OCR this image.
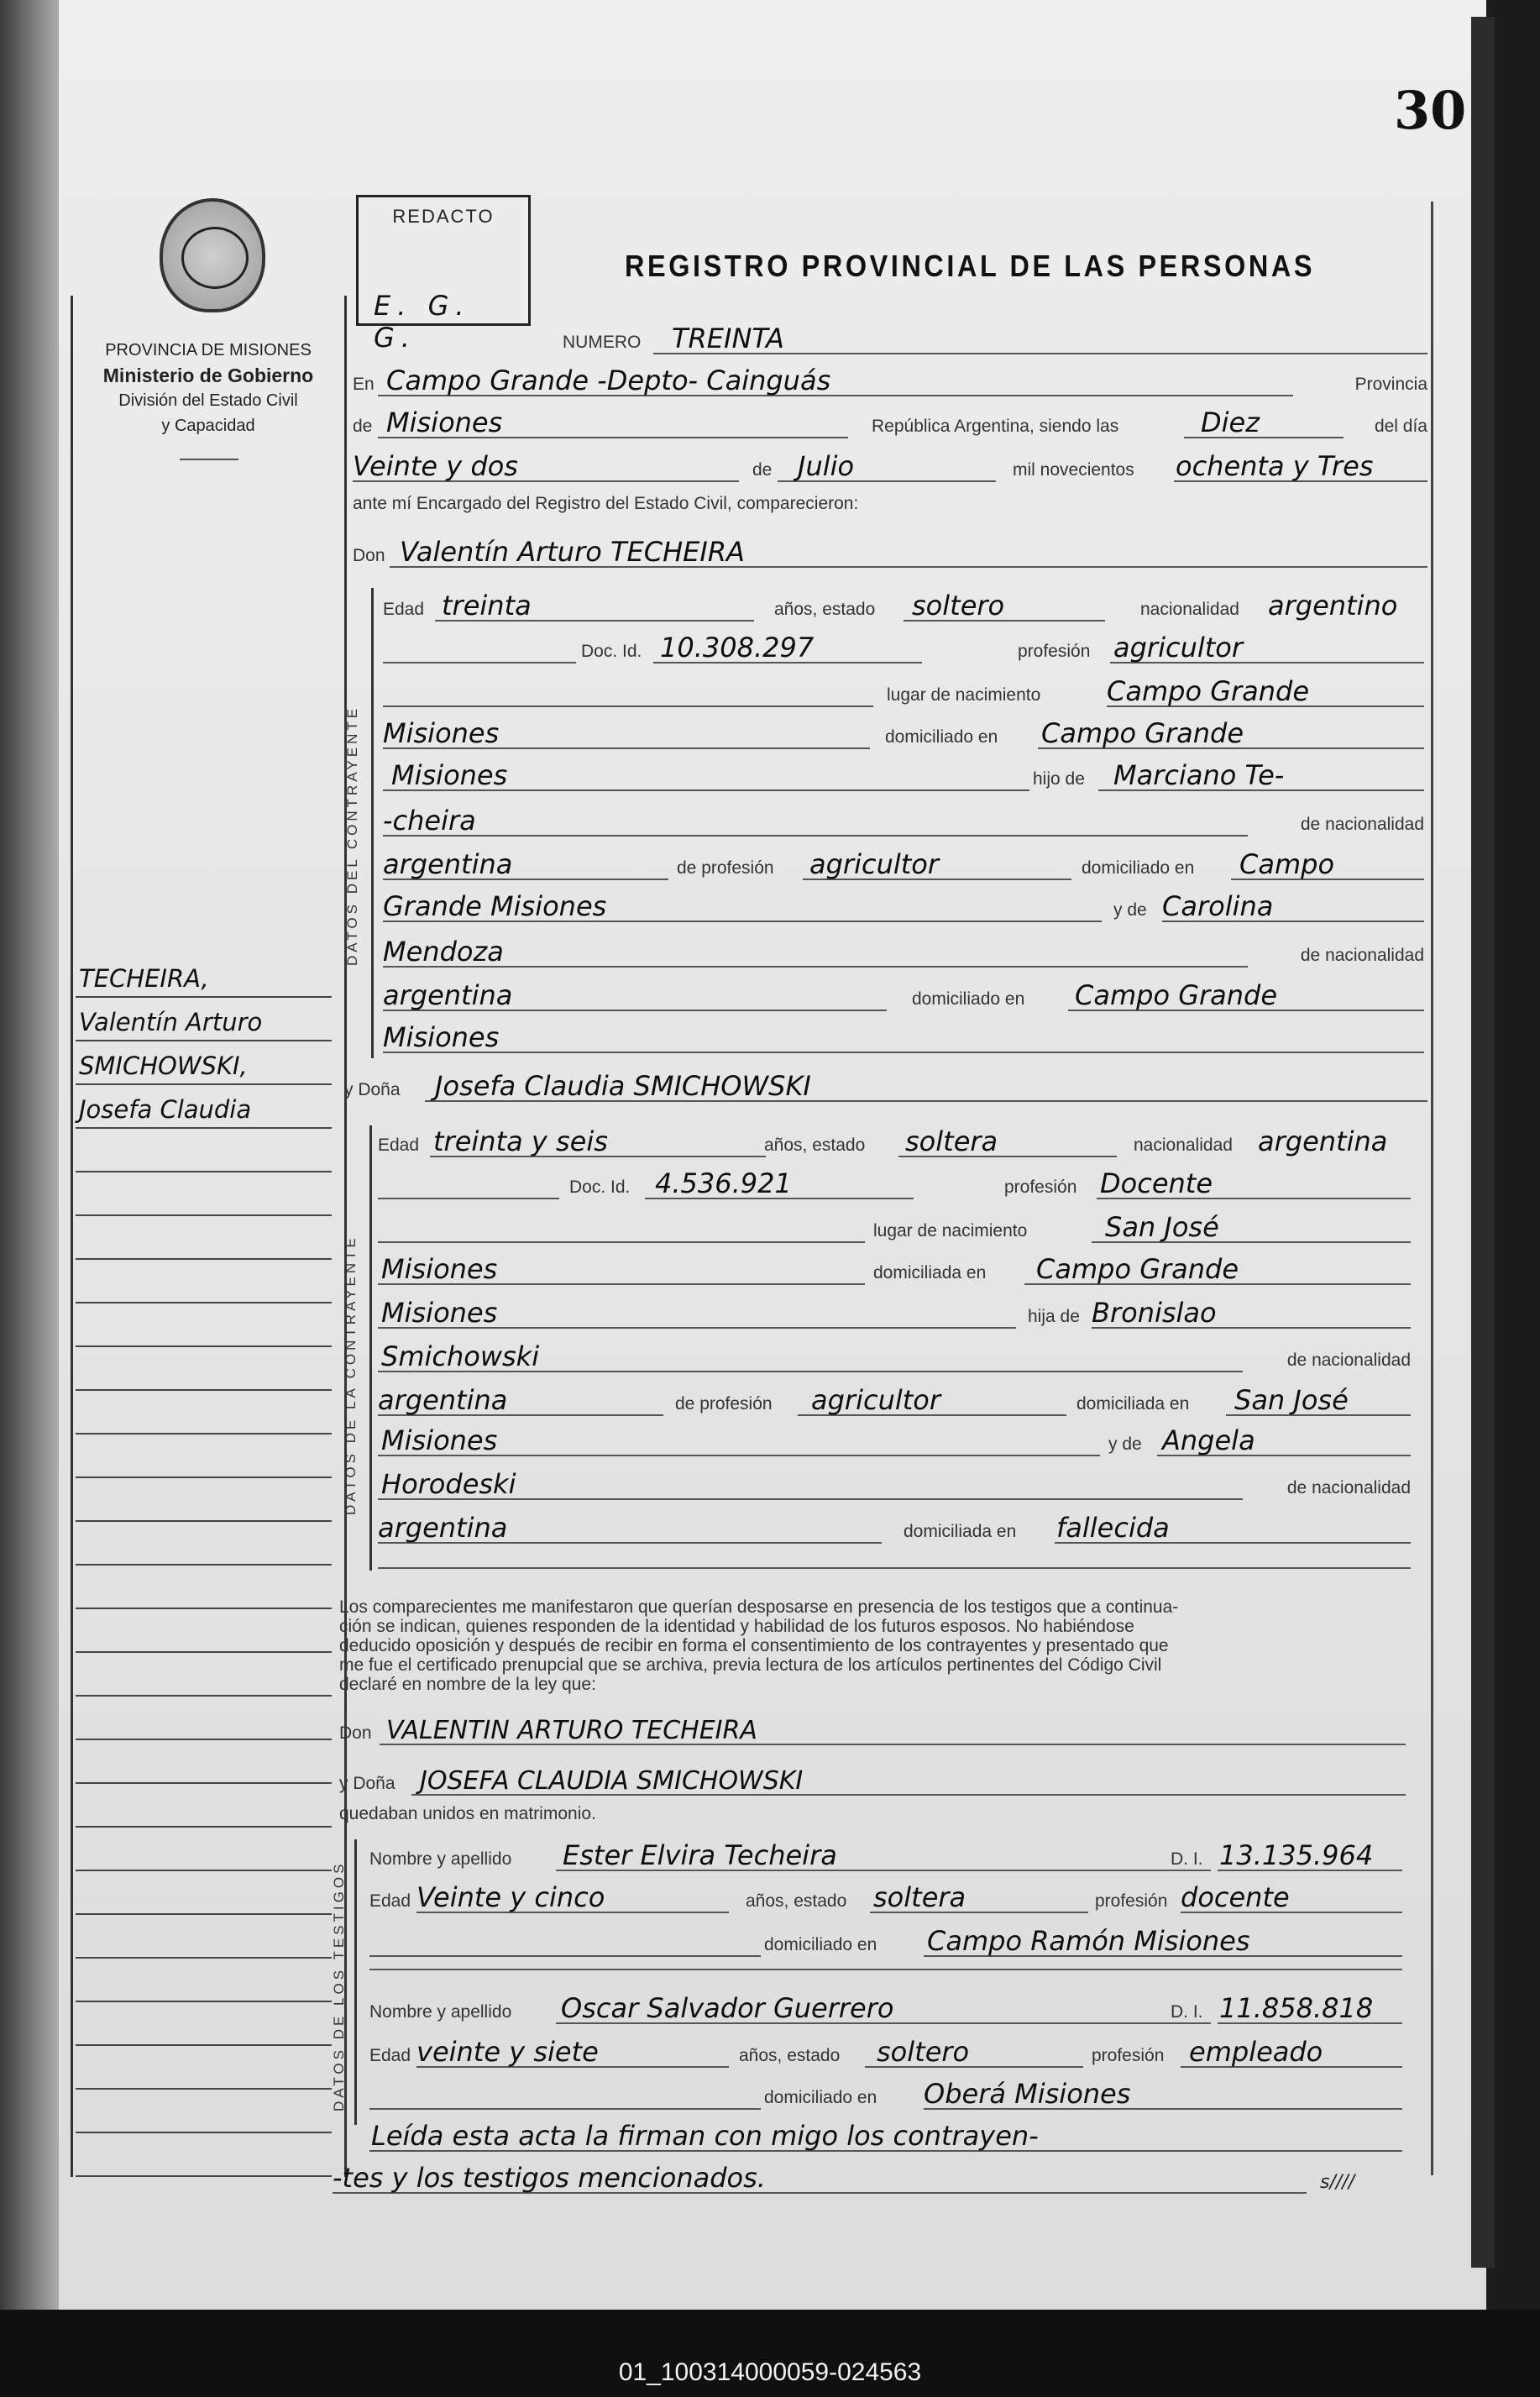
30
PROVINCIA DE MISIONES
Ministerio de Gobierno
División del Estado Civil
y Capacidad
TECHEIRA,
Valentín Arturo
SMICHOWSKI,
Josefa Claudia
REDACTO
E. G. G.
REGISTRO PROVINCIAL DE LAS PERSONAS
NUMERO TREINTA
En Campo Grande -Depto- Cainguás	Provincia
de Misiones	República Argentina, siendo las	Diez	del día
Veinte y dos	de Julio	mil novecientos ochenta y Tres
ante mí Encargado del Registro del Estado Civil, comparecieron:
Don Valentín Arturo TECHEIRA
DATOS DEL CONTRAYENTE
Edad treinta	años, estado soltero	nacionalidad argentino
Doc. Id. 10.308.297	profesión agricultor
lugar de nacimiento Campo Grande
Misiones	domiciliado en Campo Grande
Misiones	hijo de Marciano Te-
-cheira	de nacionalidad
argentina	de profesión agricultor	domiciliado en Campo
Grande Misiones	y de Carolina
Mendoza	de nacionalidad
argentina	domiciliado en Campo Grande
Misiones
y Doña Josefa Claudia SMICHOWSKI
DATOS DE LA CONTRAYENTE
Edad treinta y seis	años, estado soltera	nacionalidad argentina
Doc. Id. 4.536.921	profesión Docente
lugar de nacimiento	San José
Misiones	domiciliada en Campo Grande
Misiones	hija de Bronislao
Smichowski	de nacionalidad
argentina	de profesión agricultor	domiciliada en San José
Misiones	y de Angela
Horodeski	de nacionalidad
argentina	domiciliada en fallecida
Los comparecientes me manifestaron que querían desposarse en presencia de los testigos que a continua-
ción se indican, quienes responden de la identidad y habilidad de los futuros esposos. No habiéndose
deducido oposición y después de recibir en forma el consentimiento de los contrayentes y presentado que
me fue el certificado prenupcial que se archiva, previa lectura de los artículos pertinentes del Código Civil
declaré en nombre de la ley que:
Don VALENTIN ARTURO TECHEIRA
y Doña JOSEFA CLAUDIA SMICHOWSKI
quedaban unidos en matrimonio.
DATOS DE LOS TESTIGOS
Nombre y apellido Ester Elvira Techeira	D. I. 13.135.964
Edad Veinte y cinco	años, estado soltera	profesión docente
domiciliado en Campo Ramón Misiones
Nombre y apellido Oscar Salvador Guerrero	D. I. 11.858.818
Edad veinte y siete	años, estado soltero	profesión empleado
domiciliado en Oberá Misiones
Leída esta acta la firman con migo los contrayen-
-tes y los testigos mencionados.	s////
01_100314000059-024563
